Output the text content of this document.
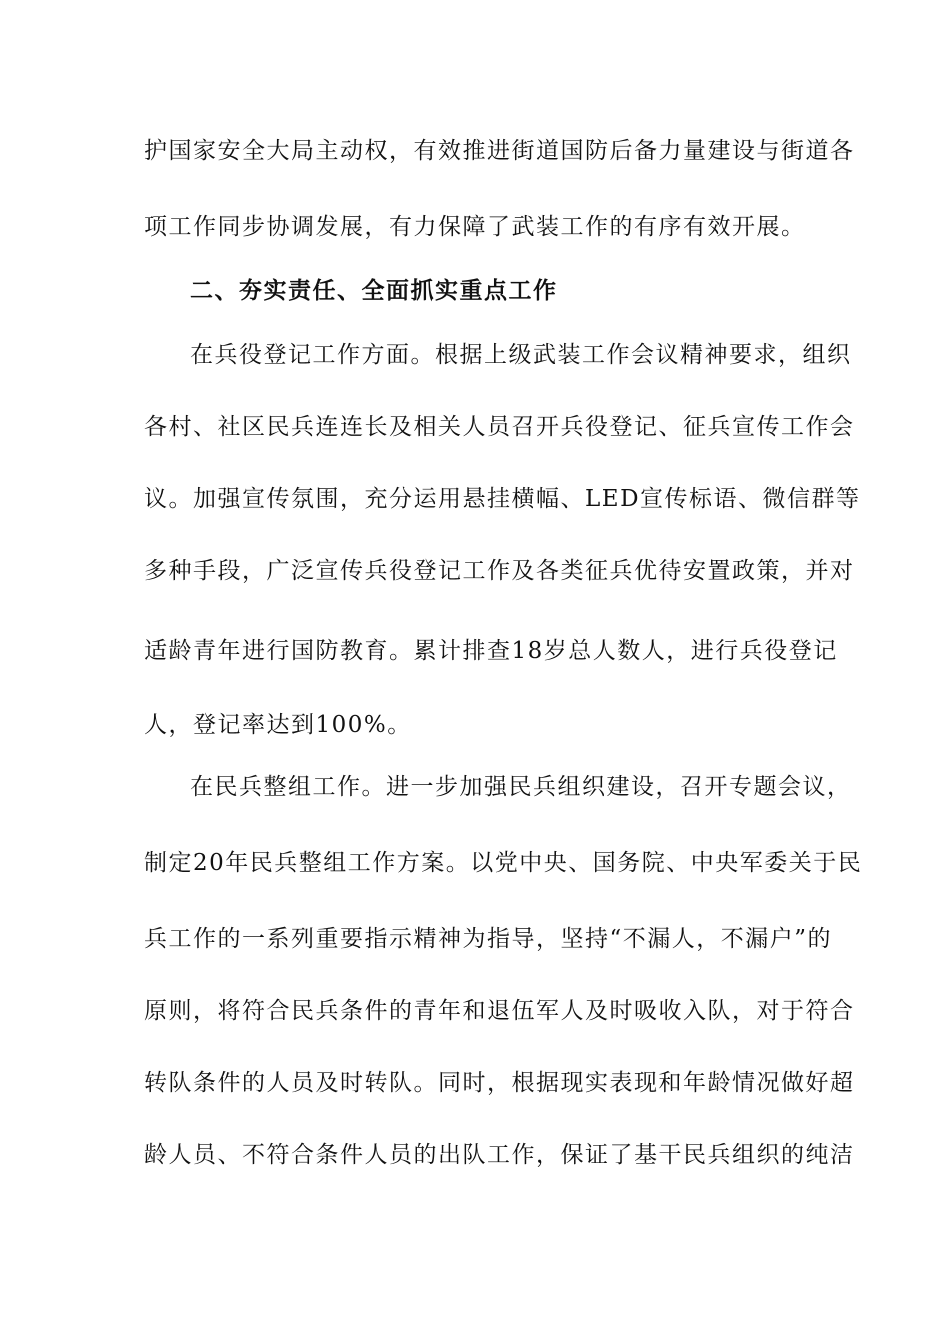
护国家安全大局主动权，有效推进街道国防后备力量建设与街道各
项工作同步协调发展，有力保障了武装工作的有序有效开展。
二、夯实责任、全面抓实重点工作
在兵役登记工作方面。根据上级武装工作会议精神要求，组织
各村、社区民兵连连长及相关人员召开兵役登记、征兵宣传工作会
议。加强宣传氛围，充分运用悬挂横幅、LED宣传标语、微信群等
多种手段，广泛宣传兵役登记工作及各类征兵优待安置政策，并对
适龄青年进行国防教育。累计排查18岁总人数人，进行兵役登记
人，登记率达到100%。
在民兵整组工作。进一步加强民兵组织建设，召开专题会议，
制定20年民兵整组工作方案。以党中央、国务院、中央军委关于民
兵工作的一系列重要指示精神为指导，坚持“不漏人，不漏户”的
原则，将符合民兵条件的青年和退伍军人及时吸收入队，对于符合
转队条件的人员及时转队。同时，根据现实表现和年龄情况做好超
龄人员、不符合条件人员的出队工作，保证了基干民兵组织的纯洁
